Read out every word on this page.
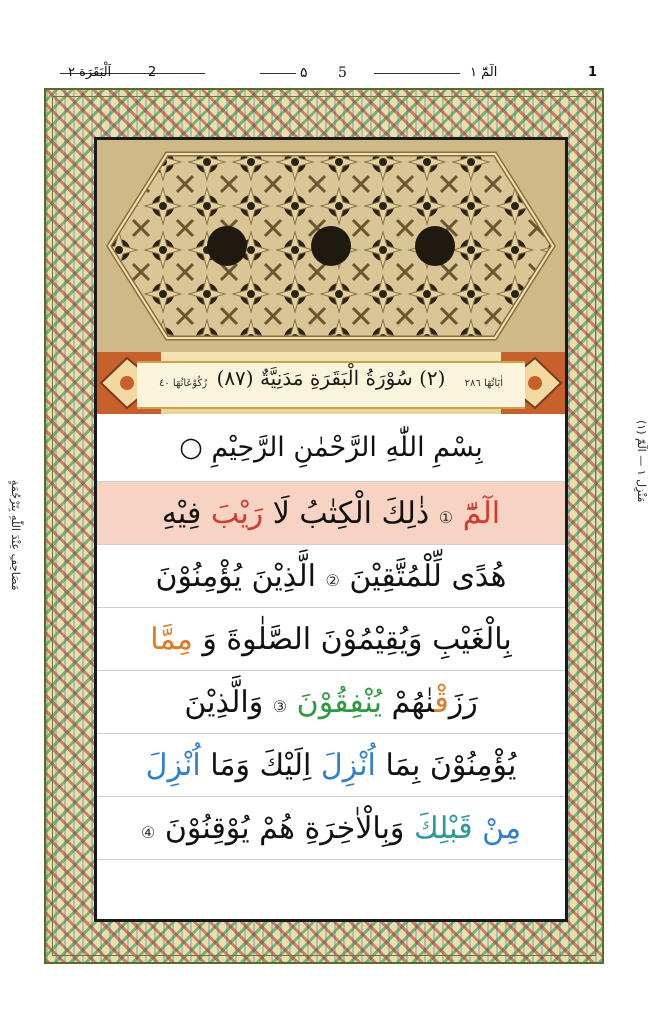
اَلْبَقَرَة ٢	2	۵ 5	الٓمّٓ ١	1
(٢) سُوْرَةُ الْبَقَرَةِ مَدَنِيَّةٌ (٨٧)	اٰيَاتُهَا ٢٨٦
رُكُوْعَاتُهَا ٤٠
بِسْمِ اللّٰهِ الرَّحْمٰنِ الرَّحِيْمِ ○
الٓمّٓ ① ذٰلِكَ الْكِتٰبُ لَا رَيْبَ فِيْهِ
هُدًى لِّلْمُتَّقِيْنَ ② الَّذِيْنَ يُؤْمِنُوْنَ
بِالْغَيْبِ وَيُقِيْمُوْنَ الصَّلٰوةَ وَ مِمَّا
رَزَقْنٰهُمْ يُنْفِقُوْنَ ③ وَالَّذِيْنَ
يُؤْمِنُوْنَ بِمَا اُنْزِلَ اِلَيْكَ وَمَا اُنْزِلَ
مِنْ قَبْلِكَ وَبِالْاٰخِرَةِ هُمْ يُوْقِنُوْنَ ④
مَصَاحِفِ عِنْدَ اللّٰهِ بِتَرْجُمَةٍ
مَنْزِل ١ — الٓمّٓ (١)
